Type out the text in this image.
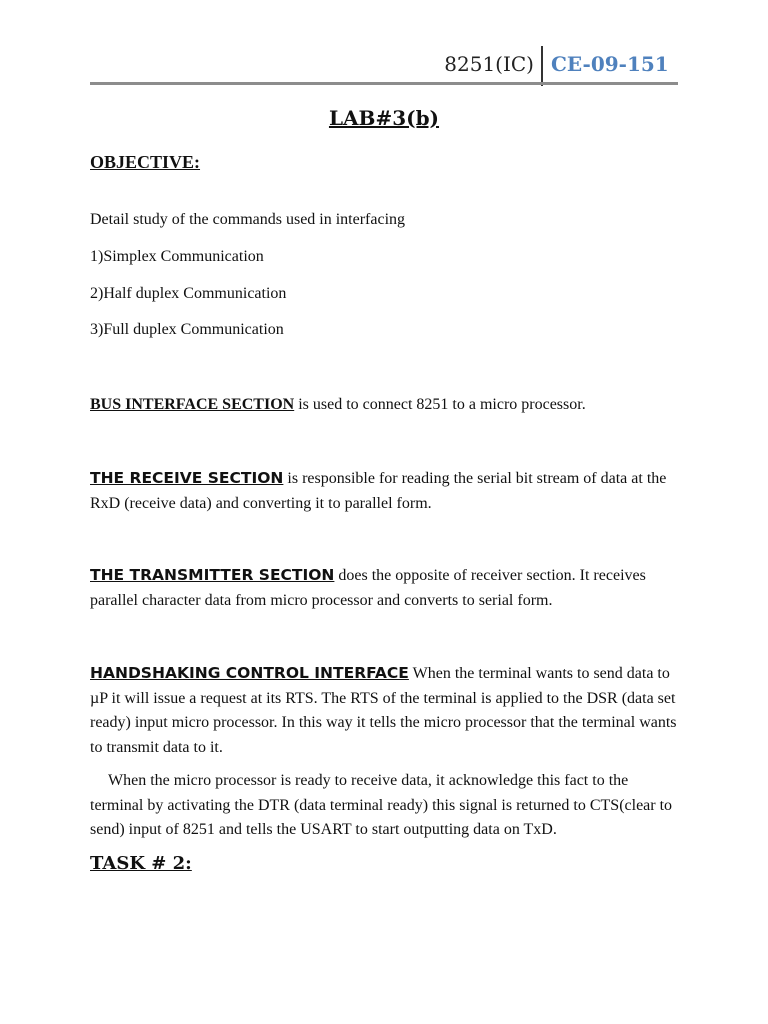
8251(IC) CE-09-151
LAB#3(b)

OBJECTIVE:

Detail study of the commands used in interfacing

1)Simplex Communication

2)Half duplex Communication

3)Full duplex Communication

BUS INTERFACE SECTION is used to connect 8251 to a micro processor.

THE RECEIVE SECTION is responsible for reading the serial bit stream of data at the RxD (receive data) and converting it to parallel form.

THE TRANSMITTER SECTION does the opposite of receiver section. It receives parallel character data from micro processor and converts to serial form.

HANDSHAKING CONTROL INTERFACE When the terminal wants to send data to µP it will issue a request at its RTS. The RTS of the terminal is applied to the DSR (data set ready) input micro processor. In this way it tells the micro processor that the terminal wants to transmit data to it.

When the micro processor is ready to receive data, it acknowledge this fact to the terminal by activating the DTR (data terminal ready) this signal is returned to CTS(clear to send) input of 8251 and tells the USART to start outputting data on TxD.

TASK # 2:
